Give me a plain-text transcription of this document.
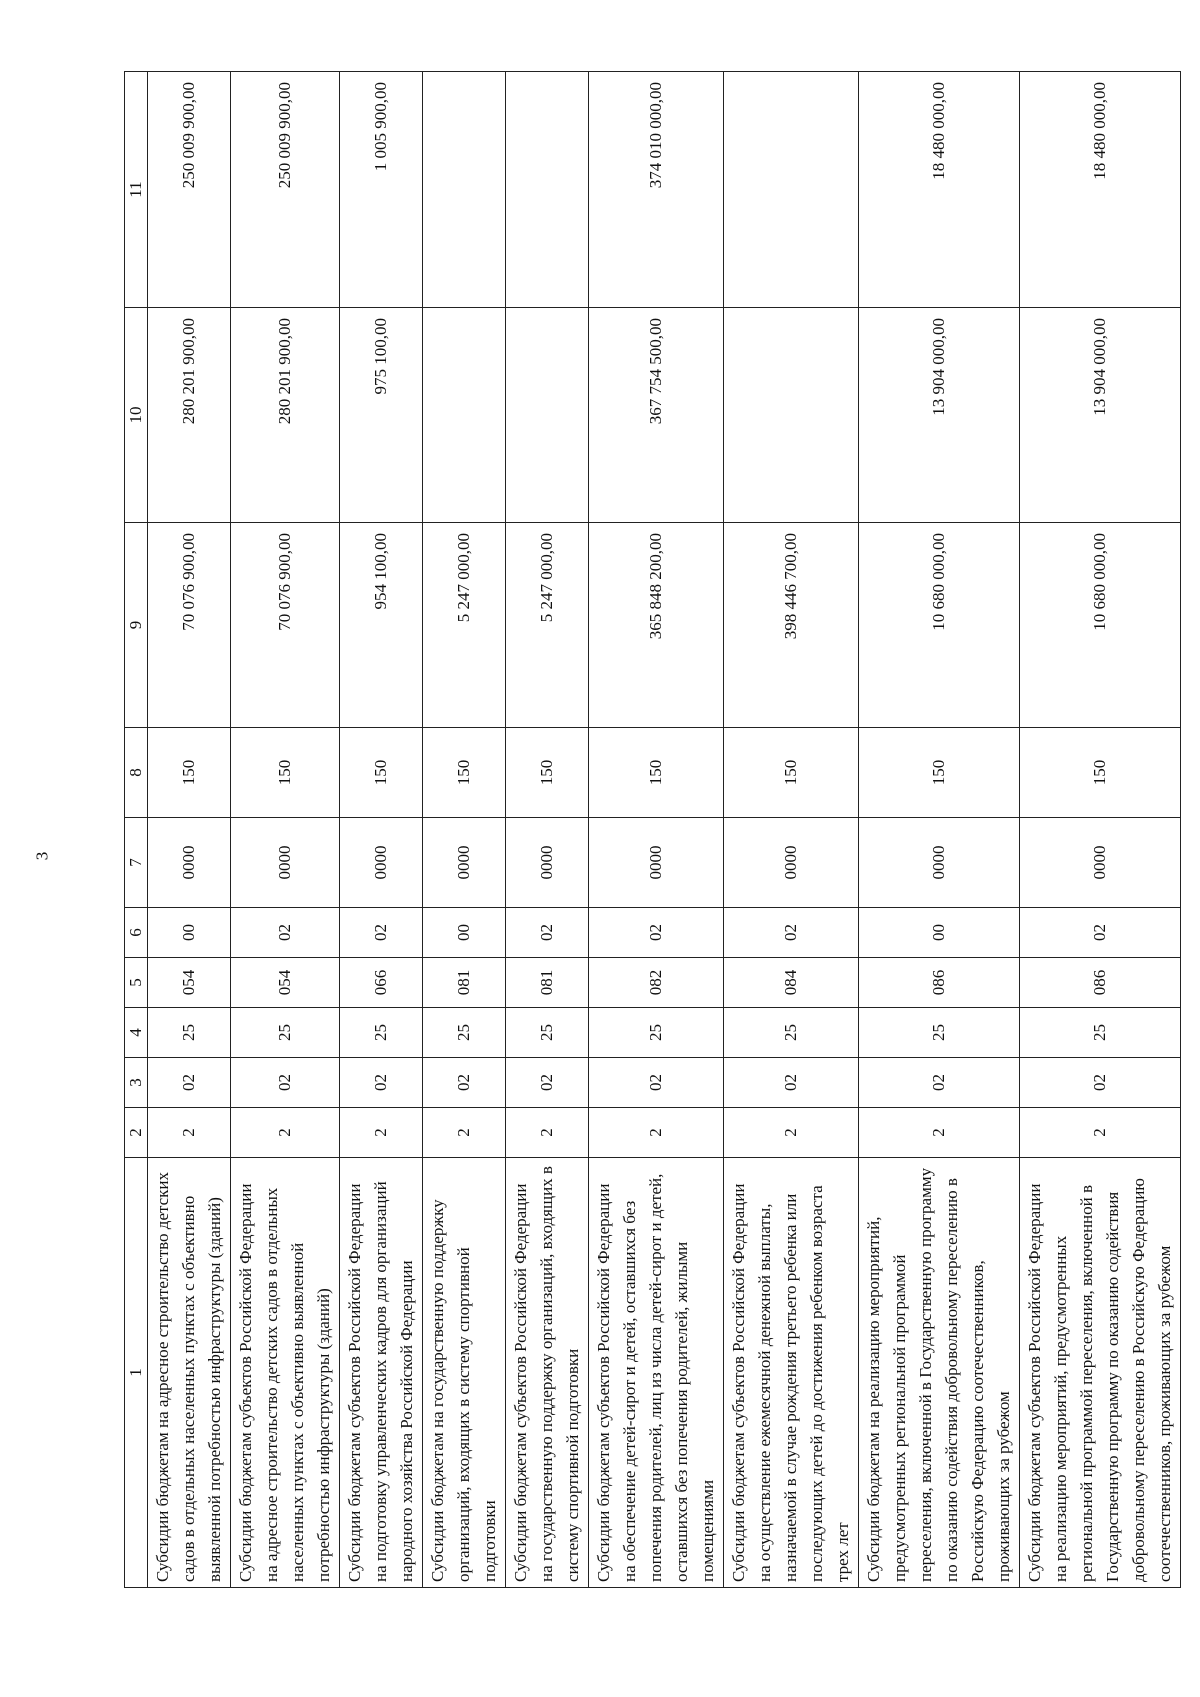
3
1	2	3	4	5	6	7	8	9	10	11
Субсидии бюджетам на адресное строительство детских садов в отдельных населенных пунктах с объективно выявленной потребностью инфраструктуры (зданий)	2	02	25	054	00	0000	150	70 076 900,00	280 201 900,00	250 009 900,00
Субсидии бюджетам субъектов Российской Федерации на адресное строительство детских садов в отдельных населенных пунктах с объективно выявленной потребностью инфраструктуры (зданий)	2	02	25	054	02	0000	150	70 076 900,00	280 201 900,00	250 009 900,00
Субсидии бюджетам субъектов Российской Федерации на подготовку управленческих кадров для организаций народного хозяйства Российской Федерации	2	02	25	066	02	0000	150	954 100,00	975 100,00	1 005 900,00
Субсидии бюджетам на государственную поддержку организаций, входящих в систему спортивной подготовки	2	02	25	081	00	0000	150	5 247 000,00		
Субсидии бюджетам субъектов Российской Федерации на государственную поддержку организаций, входящих в систему спортивной подготовки	2	02	25	081	02	0000	150	5 247 000,00		
Субсидии бюджетам субъектов Российской Федерации на обеспечение детей-сирот и детей, оставшихся без попечения родителей, лиц из числа детей-сирот и детей, оставшихся без попечения родителей, жилыми помещениями	2	02	25	082	02	0000	150	365 848 200,00	367 754 500,00	374 010 000,00
Субсидии бюджетам субъектов Российской Федерации на осуществление ежемесячной денежной выплаты, назначаемой в случае рождения третьего ребенка или последующих детей до достижения ребенком возраста трех лет	2	02	25	084	02	0000	150	398 446 700,00		
Субсидии бюджетам на реализацию мероприятий, предусмотренных региональной программой переселения, включенной в Государственную программу по оказанию содействия добровольному переселению в Российскую Федерацию соотечественников, проживающих за рубежом	2	02	25	086	00	0000	150	10 680 000,00	13 904 000,00	18 480 000,00
Субсидии бюджетам субъектов Российской Федерации на реализацию мероприятий, предусмотренных региональной программой переселения, включенной в Государственную программу по оказанию содействия добровольному переселению в Российскую Федерацию соотечественников, проживающих за рубежом	2	02	25	086	02	0000	150	10 680 000,00	13 904 000,00	18 480 000,00
